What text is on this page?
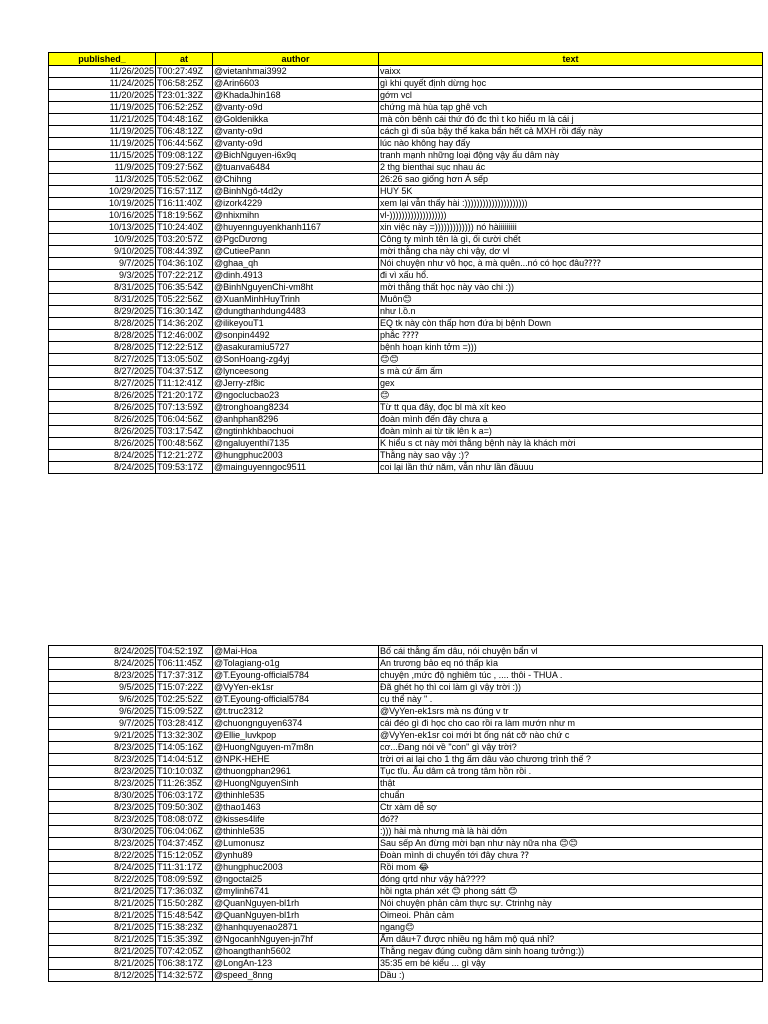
published_	at	author	text
11/26/2025	T00:27:49Z	@vietanhmai3992	vaixx
11/24/2025	T06:58:25Z	@Arin6603	gì khi quyết định dừng học
11/20/2025	T23:01:32Z	@KhadaJhin168	gớm vcl
11/19/2025	T06:52:25Z	@vanty-o9d	chứng mà hùa tạp ghê vch
11/21/2025	T04:48:16Z	@Goldenikka	mà còn bênh cái thứ đó đc thì t ko hiểu m là cái j
11/19/2025	T06:48:12Z	@vanty-o9d	cách gì đi sủa bậy thế kaka bẩn hết cả MXH rồi đấy này
11/19/2025	T06:44:56Z	@vanty-o9d	lúc nào không hay đấy
11/15/2025	T09:08:12Z	@BichNguyen-i6x9q	tranh mạnh những loại động vậy ấu dâm này
11/9/2025	T09:27:56Z	@tuanva6484	2 thg bienthai sục nhau ác
11/3/2025	T05:52:06Z	@Chihng	26:26 sao giống hơn Á sếp
10/29/2025	T16:57:11Z	@BinhNgô-t4d2y	HUY 5K
10/19/2025	T16:11:40Z	@izork4229	xem lại vẫn thấy hài :)))))))))))))))))))))
10/16/2025	T18:19:56Z	@nhixmihn	vl-)))))))))))))))))))
10/13/2025	T10:24:40Z	@huyennguyenkhanh1167	xin việc này =))))))))))))) nó hàiiiiiiiii
10/9/2025	T03:20:57Z	@PgcDương	Công ty mình tên là gì, ối cười chết
9/10/2025	T08:44:39Z	@CutieePann	mời thằng cha này chi vậy, dơ vl
9/7/2025	T04:36:10Z	@ghaa_qh	Nói chuyện như vô học, à mà quên...nó có học đâu⁇⁇
9/3/2025	T07:22:21Z	@dinh.4913	đi vì xấu hổ.
8/31/2025	T06:35:54Z	@BinhNguyenChi-vm8ht	mời thằng thất học này vào chi :))
8/31/2025	T05:22:56Z	@XuanMinhHuyTrinh	Muôn😊
8/29/2025	T16:30:14Z	@dungthanhdung4483	như l.ồ.n
8/28/2025	T14:36:20Z	@ilikeyouT1	EQ tk này còn thấp hơn đứa bị bệnh Down
8/28/2025	T12:46:00Z	@sonpin4492	phắc ⁇⁇
8/28/2025	T12:22:51Z	@asakuramiu5727	bệnh hoạn kinh tởm =)))
8/27/2025	T13:05:50Z	@SonHoang-zg4yj	😊😊
8/27/2025	T04:37:51Z	@lynceesong	s mà cứ ấm ấm
8/27/2025	T11:12:41Z	@Jerry-zf8ic	gex
8/26/2025	T21:20:17Z	@ngoclucbao23	😊
8/26/2025	T07:13:59Z	@tronghoang8234	Từ tt qua đây, đọc bl mà xít keo
8/26/2025	T06:04:56Z	@anhphan8296	đoàn mình đến đây chưa ạ
8/26/2025	T03:17:54Z	@ngtinhkhbaochuoi	đoàn mình ai từ tik lên k a=)
8/26/2025	T00:48:56Z	@ngaluyenthi7135	K hiểu s ct này mời thằng bệnh này là khách mời
8/24/2025	T12:21:27Z	@hungphuc2003	Thằng này sao vậy :)?
8/24/2025	T09:53:17Z	@mainguyenngoc9511	coi lại lần thứ năm, vẫn như lần đầuuu
8/24/2025	T04:52:19Z	@Mai-Hoa	Bố cái thằng ấm dâu, nói chuyện bẩn vl
8/24/2025	T06:11:45Z	@Tolagiang-o1g	An trương bảo eq nó thấp kìa
8/23/2025	T17:37:31Z	@T.Eyoung-official5784	chuyện ,mức độ nghiêm túc , .... thôi - THUA .
9/5/2025	T15:07:22Z	@VyYen-ek1sr	Đã ghét họ thì coi làm gì vậy trời :))
9/6/2025	T02:25:52Z	@T.Eyoung-official5784	cụ thể này " .
9/6/2025	T15:09:52Z	@t.truc2312	@VyYen-ek1srs mà ns đúng v tr
9/7/2025	T03:28:41Z	@chuongnguyen6374	cái đéo gì đi học cho cao rồi ra làm mướn như m
9/21/2025	T13:32:30Z	@Ellie_luvkpop	@VyYen-ek1sr coi mới bt ống nát cỡ nào chứ c
8/23/2025	T14:05:16Z	@HuongNguyen-m7m8n	cơ...Đang nói về "con" gì vậy trời?
8/23/2025	T14:04:51Z	@NPK-HEHE	trời ơi ai lại cho 1 thg ấm dâu vào chương trình thế ?
8/23/2025	T10:10:03Z	@thuongphan2961	Tục tĩu. Ấu dâm cả trong tâm hồn rồi .
8/23/2025	T11:26:35Z	@HuongNguyenSinh	thật
8/30/2025	T06:03:17Z	@thinhle535	chuẩn
8/23/2025	T09:50:30Z	@thao1463	Ctr xàm dễ sợ
8/23/2025	T08:08:07Z	@kisses4life	đó⁇
8/30/2025	T06:04:06Z	@thinhle535	:))) hài mà nhưng mà là hài dởn
8/23/2025	T04:37:45Z	@Lumonusz	Sau sếp An đừng mời bạn như này nữa nha 😊😊
8/22/2025	T15:12:05Z	@ynhu89	Đoàn mình di chuyển tới đây chưa ⁇
8/24/2025	T11:31:17Z	@hungphuc2003	Rồi mom 😂
8/22/2025	T08:09:59Z	@ngoctai25	đóng qrtd như vậy hả????
8/21/2025	T17:36:03Z	@mylinh6741	hồi ngta phán xét 😊 phong sátt 😊
8/21/2025	T15:50:28Z	@QuanNguyen-bl1rh	Nói chuyện phản cảm thực sự. Ctrinhg này
8/21/2025	T15:48:54Z	@QuanNguyen-bl1rh	Oimeoi. Phản cảm
8/21/2025	T15:38:23Z	@hanhquyenao2871	ngang😊
8/21/2025	T15:35:39Z	@NgocanhNguyen-jn7hf	Ấm dâu+7 được nhiều ng hâm mộ quá nhỉ?
8/21/2025	T07:42:05Z	@hoangthanh5602	Thằng negav đúng cuồng dâm sinh hoang tưởng:))
8/21/2025	T06:38:17Z	@LongAn-123	35:35 em bé kiểu ... gì vậy
8/12/2025	T14:32:57Z	@speed_8nng	Dầu :)
